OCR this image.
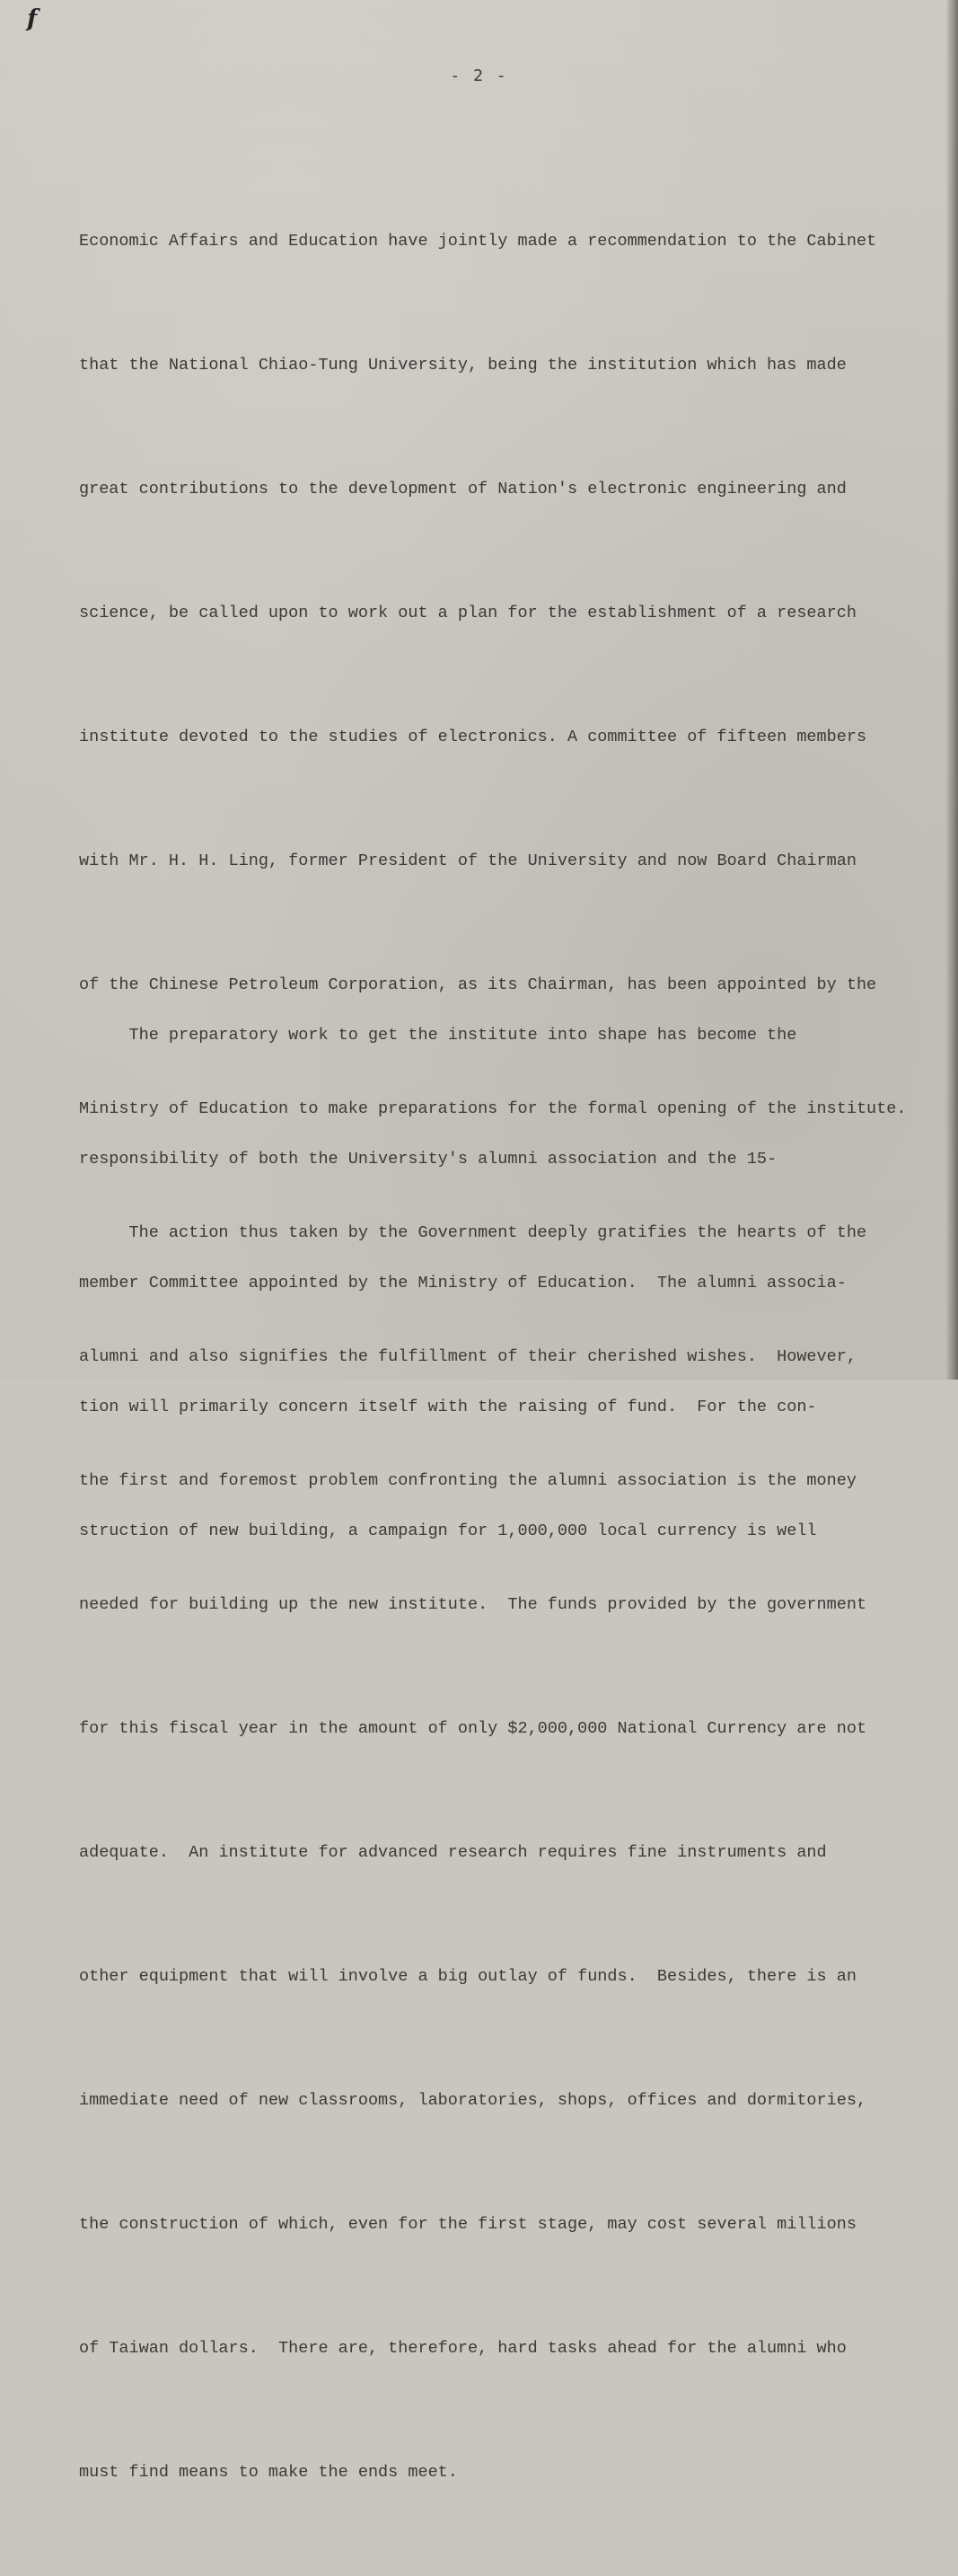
f
- 2 -

Economic Affairs and Education have jointly made a recommendation to the Cabinet

that the National Chiao-Tung University, being the institution which has made

great contributions to the development of Nation's electronic engineering and

science, be called upon to work out a plan for the establishment of a research

institute devoted to the studies of electronics. A committee of fifteen members

with Mr. H. H. Ling, former President of the University and now Board Chairman

of the Chinese Petroleum Corporation, as its Chairman, has been appointed by the

Ministry of Education to make preparations for the formal opening of the institute.

The action thus taken by the Government deeply gratifies the hearts of the

alumni and also signifies the fulfillment of their cherished wishes.  However,

the first and foremost problem confronting the alumni association is the money

needed for building up the new institute.  The funds provided by the government

for this fiscal year in the amount of only $2,000,000 National Currency are not

adequate.  An institute for advanced research requires fine instruments and

other equipment that will involve a big outlay of funds.  Besides, there is an

immediate need of new classrooms, laboratories, shops, offices and dormitories,

the construction of which, even for the first stage, may cost several millions

of Taiwan dollars.  There are, therefore, hard tasks ahead for the alumni who

must find means to make the ends meet.

The preparatory work to get the institute into shape has become the

responsibility of both the University's alumni association and the 15-

member Committee appointed by the Ministry of Education.  The alumni associa-

tion will primarily concern itself with the raising of fund.  For the con-

struction of new building, a campaign for 1,000,000 local currency is well
